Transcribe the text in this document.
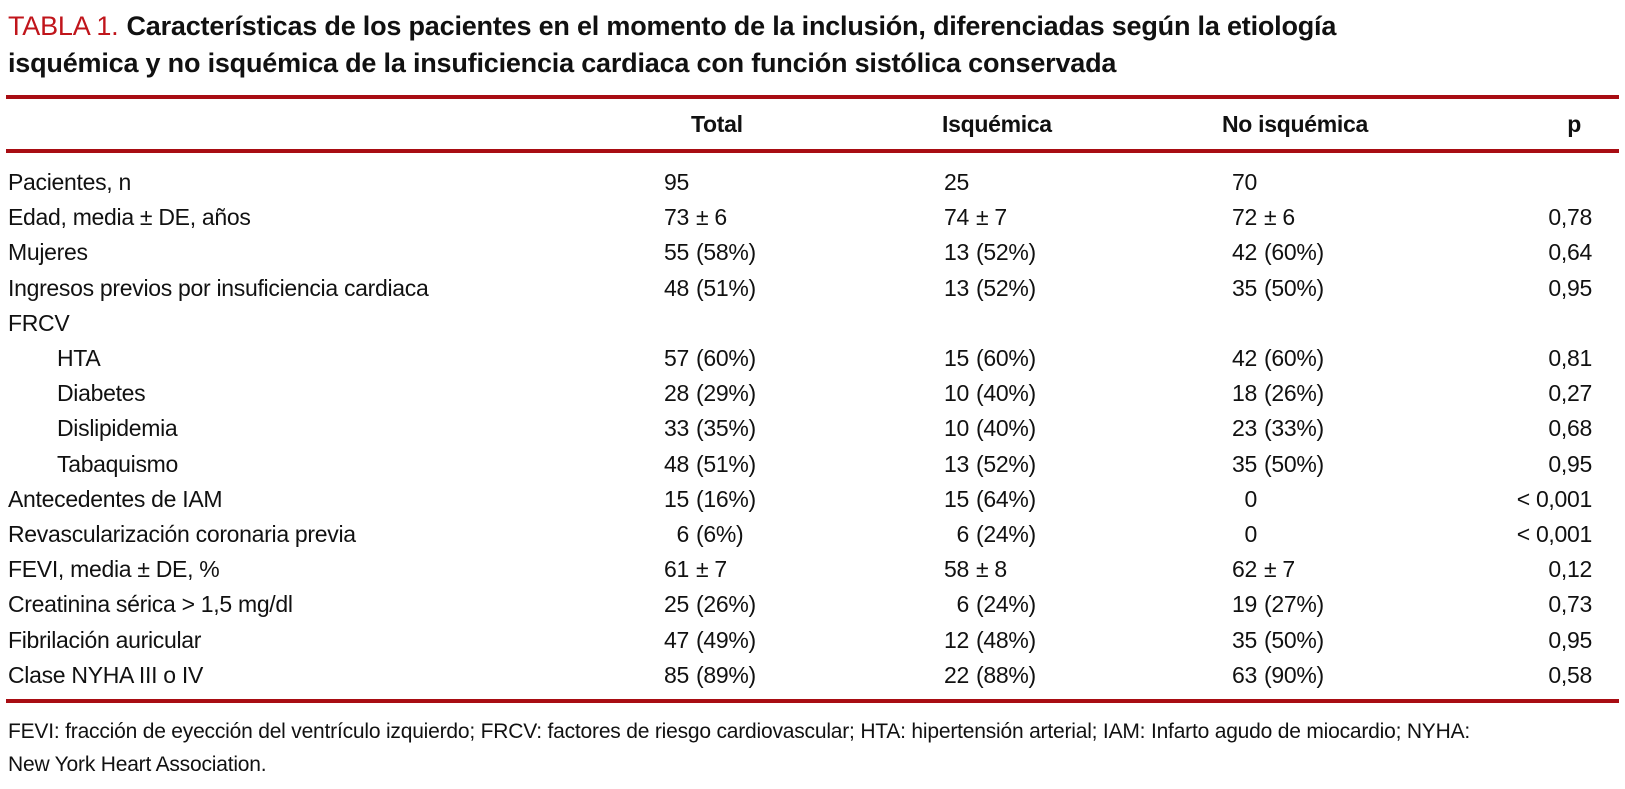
TABLA 1. Características de los pacientes en el momento de la inclusión, diferenciadas según la etiología
isquémica y no isquémica de la insuficiencia cardiaca con función sistólica conservada
Total	Isquémica	No isquémica	p
Pacientes, n	95	25	70
Edad, media ± DE, años	73 ± 6	74 ± 7	72 ± 6	0,78
Mujeres	55 (58%)	13 (52%)	42 (60%)	0,64
Ingresos previos por insuficiencia cardiaca	48 (51%)	13 (52%)	35 (50%)	0,95
FRCV
HTA	57 (60%)	15 (60%)	42 (60%)	0,81
Diabetes	28 (29%)	10 (40%)	18 (26%)	0,27
Dislipidemia	33 (35%)	10 (40%)	23 (33%)	0,68
Tabaquismo	48 (51%)	13 (52%)	35 (50%)	0,95
Antecedentes de IAM	15 (16%)	15 (64%)	0	< 0,001
Revascularización coronaria previa	6 (6%)	6 (24%)	0	< 0,001
FEVI, media ± DE, %	61 ± 7	58 ± 8	62 ± 7	0,12
Creatinina sérica > 1,5 mg/dl	25 (26%)	6 (24%)	19 (27%)	0,73
Fibrilación auricular	47 (49%)	12 (48%)	35 (50%)	0,95
Clase NYHA III o IV	85 (89%)	22 (88%)	63 (90%)	0,58
FEVI: fracción de eyección del ventrículo izquierdo; FRCV: factores de riesgo cardiovascular; HTA: hipertensión arterial; IAM: Infarto agudo de miocardio; NYHA:
New York Heart Association.
